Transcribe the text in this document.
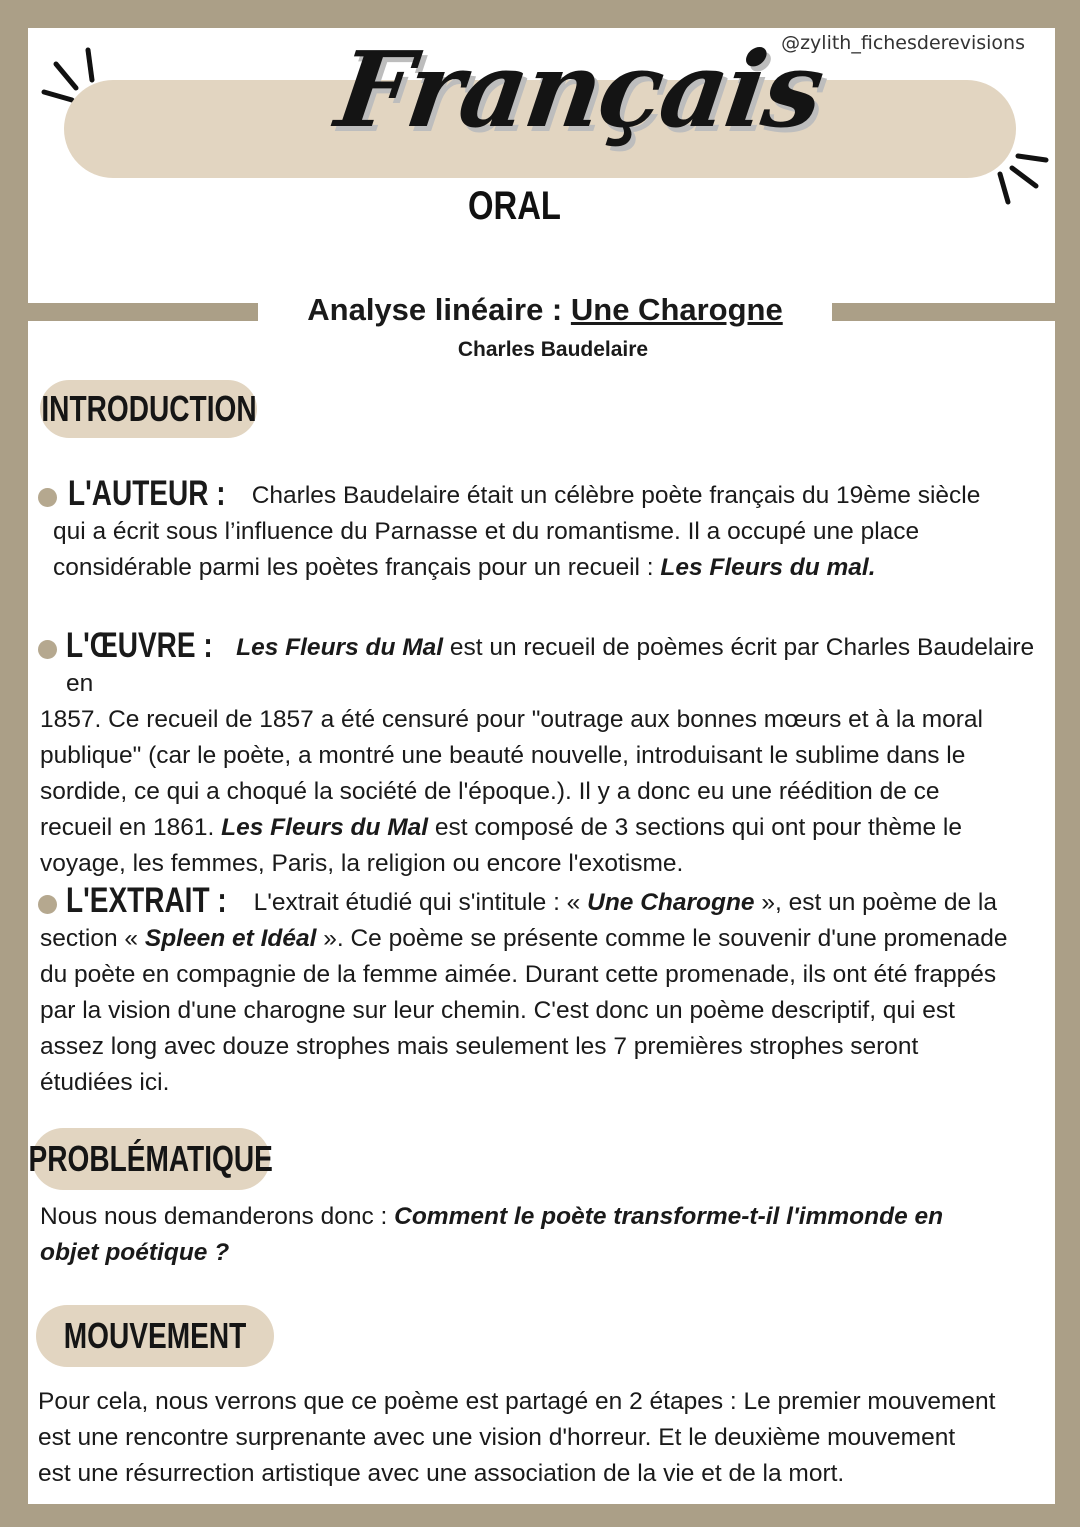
@zylith_fichesderevisions
Français
ORAL
Analyse linéaire : Une Charogne
Charles Baudelaire
INTRODUCTION
L'AUTEUR : Charles Baudelaire était un célèbre poète français du 19ème siècle
qui a écrit sous l’influence du Parnasse et du romantisme. Il a occupé une place
considérable parmi les poètes français pour un recueil : Les Fleurs du mal.
L'ŒUVRE : Les Fleurs du Mal est un recueil de poèmes écrit par Charles Baudelaire en
1857. Ce recueil de 1857 a été censuré pour "outrage aux bonnes mœurs et à la moral
publique" (car le poète, a montré une beauté nouvelle, introduisant le sublime dans le
sordide, ce qui a choqué la société de l'époque.). Il y a donc eu une réédition de ce
recueil en 1861. Les Fleurs du Mal est composé de 3 sections qui ont pour thème le
voyage, les femmes, Paris, la religion ou encore l'exotisme.
L'EXTRAIT : L'extrait étudié qui s'intitule : « Une Charogne », est un poème de la
section « Spleen et Idéal ». Ce poème se présente comme le souvenir d'une promenade
du poète en compagnie de la femme aimée. Durant cette promenade, ils ont été frappés
par la vision d'une charogne sur leur chemin. C'est donc un poème descriptif, qui est
assez long avec douze strophes mais seulement les 7 premières strophes seront
étudiées ici.
PROBLÉMATIQUE
Nous nous demanderons donc : Comment le poète transforme-t-il l'immonde en
objet poétique ?
MOUVEMENT
Pour cela, nous verrons que ce poème est partagé en 2 étapes : Le premier mouvement
est une rencontre surprenante avec une vision d'horreur. Et le deuxième mouvement
est une résurrection artistique avec une association de la vie et de la mort.
